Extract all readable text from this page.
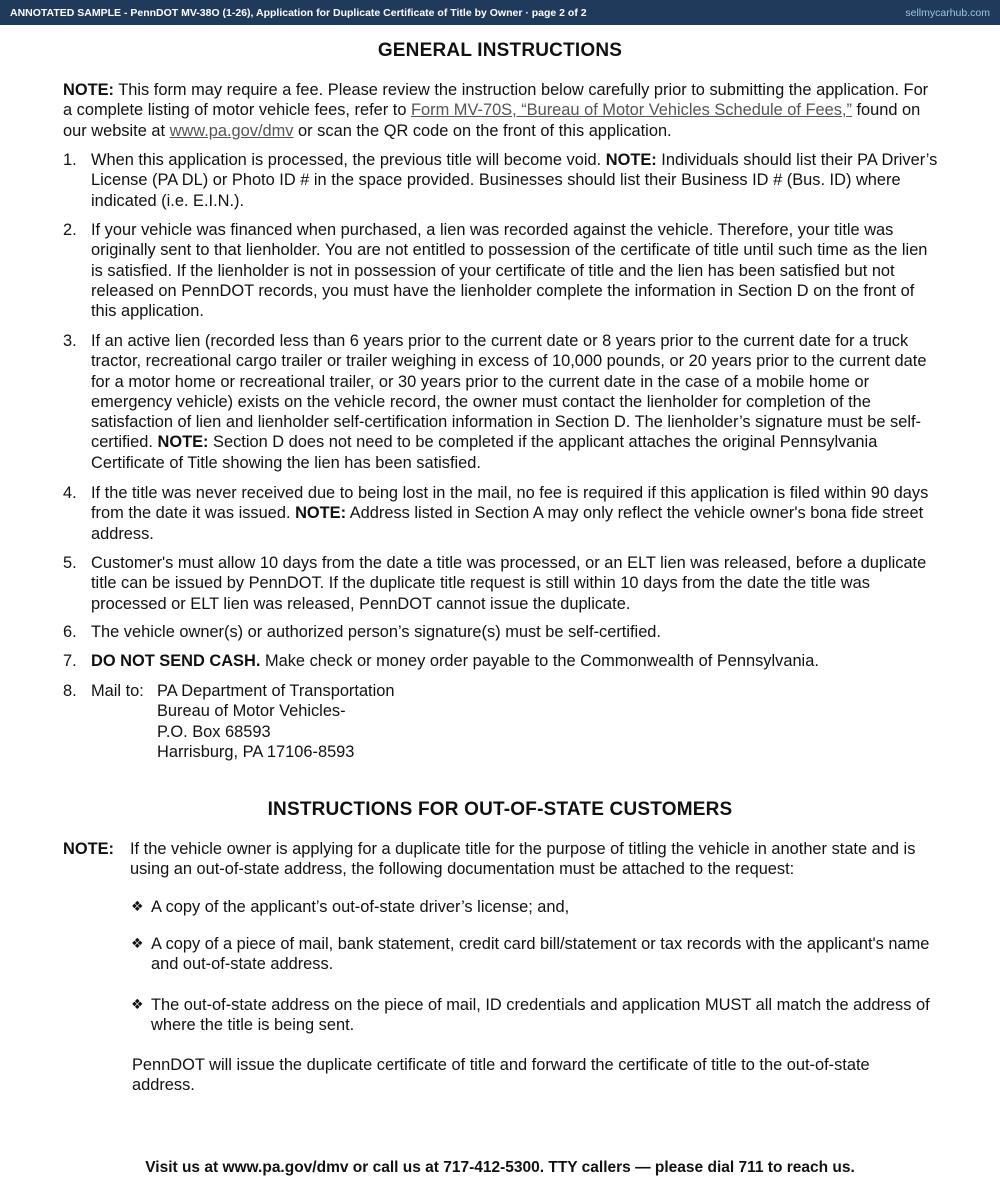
ANNOTATED SAMPLE - PennDOT MV-38O (1-26), Application for Duplicate Certificate of Title by Owner · page 2 of 2	sellmycarhub.com
GENERAL INSTRUCTIONS

NOTE: This form may require a fee. Please review the instruction below carefully prior to submitting the application. For a complete listing of motor vehicle fees, refer to Form MV-70S, “Bureau of Motor Vehicles Schedule of Fees,” found on our website at www.pa.gov/dmv or scan the QR code on the front of this application.

1. When this application is processed, the previous title will become void. NOTE: Individuals should list their PA Driver’s License (PA DL) or Photo ID # in the space provided. Businesses should list their Business ID # (Bus. ID) where indicated (i.e. E.I.N.).
2. If your vehicle was financed when purchased, a lien was recorded against the vehicle. Therefore, your title was originally sent to that lienholder. You are not entitled to possession of the certificate of title until such time as the lien is satisfied. If the lienholder is not in possession of your certificate of title and the lien has been satisfied but not released on PennDOT records, you must have the lienholder complete the information in Section D on the front of this application.
3. If an active lien (recorded less than 6 years prior to the current date or 8 years prior to the current date for a truck tractor, recreational cargo trailer or trailer weighing in excess of 10,000 pounds, or 20 years prior to the current date for a motor home or recreational trailer, or 30 years prior to the current date in the case of a mobile home or emergency vehicle) exists on the vehicle record, the owner must contact the lienholder for completion of the satisfaction of lien and lienholder self-certification information in Section D. The lienholder’s signature must be self-certified. NOTE: Section D does not need to be completed if the applicant attaches the original Pennsylvania Certificate of Title showing the lien has been satisfied.
4. If the title was never received due to being lost in the mail, no fee is required if this application is filed within 90 days from the date it was issued. NOTE: Address listed in Section A may only reflect the vehicle owner's bona fide street address.
5. Customer's must allow 10 days from the date a title was processed, or an ELT lien was released, before a duplicate title can be issued by PennDOT. If the duplicate title request is still within 10 days from the date the title was processed or ELT lien was released, PennDOT cannot issue the duplicate.
6. The vehicle owner(s) or authorized person’s signature(s) must be self-certified.
7. DO NOT SEND CASH. Make check or money order payable to the Commonwealth of Pennsylvania.
8. Mail to: PA Department of Transportation
Bureau of Motor Vehicles-
P.O. Box 68593
Harrisburg, PA 17106-8593
INSTRUCTIONS FOR OUT-OF-STATE CUSTOMERS
NOTE: If the vehicle owner is applying for a duplicate title for the purpose of titling the vehicle in another state and is using an out-of-state address, the following documentation must be attached to the request:
❖ A copy of the applicant’s out-of-state driver’s license; and,
❖ A copy of a piece of mail, bank statement, credit card bill/statement or tax records with the applicant's name and out-of-state address.
❖ The out-of-state address on the piece of mail, ID credentials and application MUST all match the address of where the title is being sent.
PennDOT will issue the duplicate certificate of title and forward the certificate of title to the out-of-state address.
Visit us at www.pa.gov/dmv or call us at 717-412-5300. TTY callers — please dial 711 to reach us.
